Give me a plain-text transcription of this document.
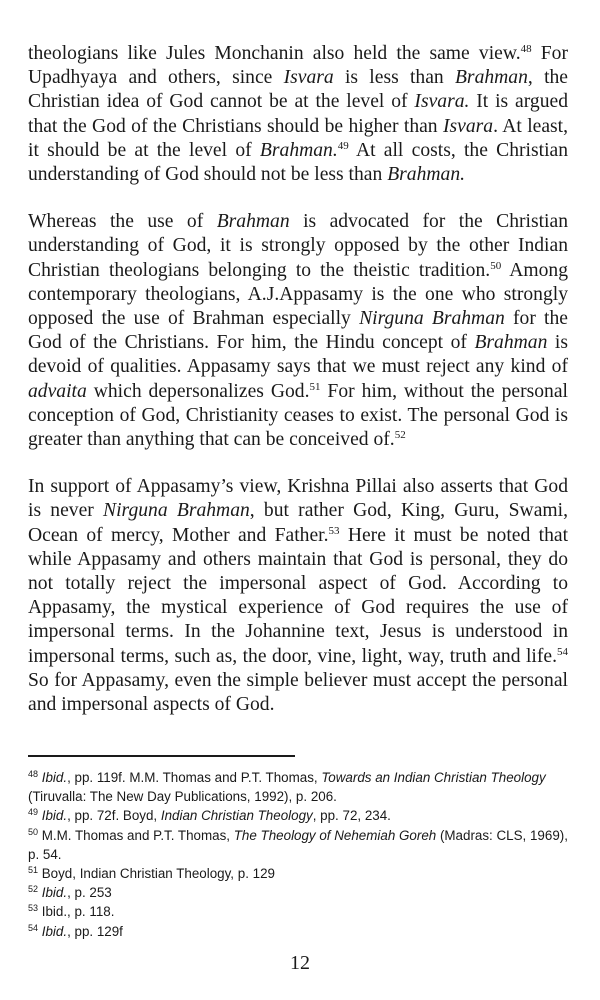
theologians like Jules Monchanin also held the same view.$^{48}$ For Upadhyaya and others, since Isvara is less than Brahman, the Christian idea of God cannot be at the level of Isvara. It is argued that the God of the Christians should be higher than Isvara. At least, it should be at the level of Brahman.$^{49}$ At all costs, the Christian understanding of God should not be less than Brahman.

Whereas the use of Brahman is advocated for the Christian understanding of God, it is strongly opposed by the other Indian Christian theologians belonging to the theistic tradition.$^{50}$ Among contemporary theologians, A.J.Appasamy is the one who strongly opposed the use of Brahman especially Nirguna Brahman for the God of the Christians. For him, the Hindu concept of Brahman is devoid of qualities. Appasamy says that we must reject any kind of advaita which depersonalizes God.$^{51}$ For him, without the personal conception of God, Christianity ceases to exist. The personal God is greater than anything that can be conceived of.$^{52}$

In support of Appasamy’s view, Krishna Pillai also asserts that God is never Nirguna Brahman, but rather God, King, Guru, Swami, Ocean of mercy, Mother and Father.$^{53}$ Here it must be noted that while Appasamy and others maintain that God is personal, they do not totally reject the impersonal aspect of God. According to Appasamy, the mystical experience of God requires the use of impersonal terms. In the Johannine text, Jesus is understood in impersonal terms, such as, the door, vine, light, way, truth and life.$^{54}$ So for Appasamy, even the simple believer must accept the personal and impersonal aspects of God.

$^{48}$ Ibid., pp. 119f. M.M. Thomas and P.T. Thomas, Towards an Indian Christian Theology (Tiruvalla: The New Day Publications, 1992), p. 206.

$^{49}$ Ibid., pp. 72f. Boyd, Indian Christian Theology, pp. 72, 234.

$^{50}$ M.M. Thomas and P.T. Thomas, The Theology of Nehemiah Goreh (Madras: CLS, 1969), p. 54.

$^{51}$ Boyd, Indian Christian Theology, p. 129

$^{52}$ Ibid., p. 253

$^{53}$ Ibid., p. 118.

$^{54}$ Ibid., pp. 129f

12
